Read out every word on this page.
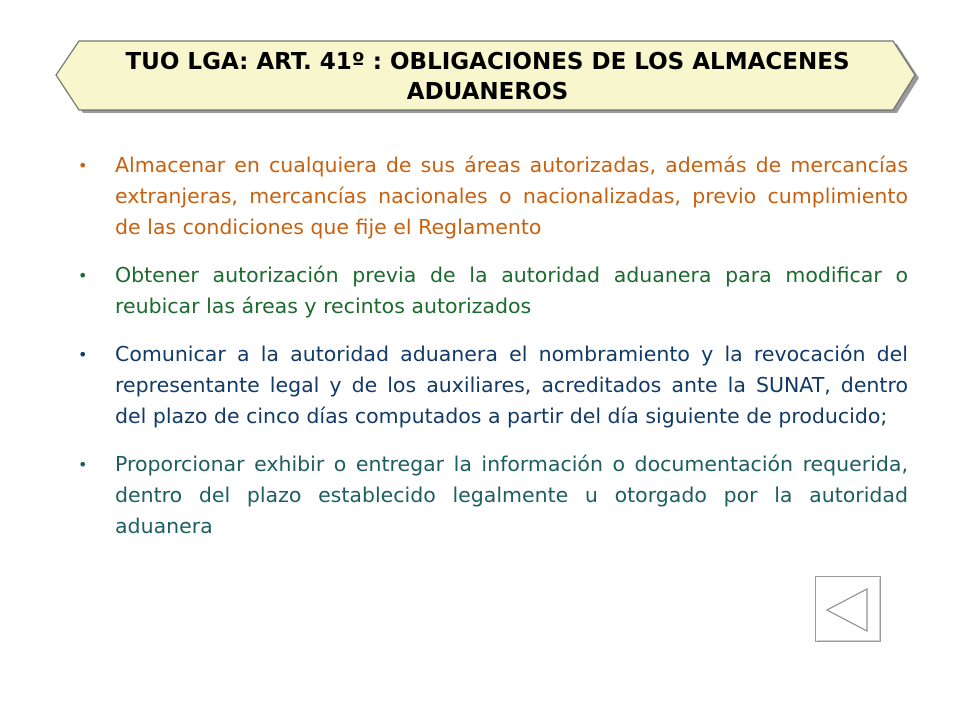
TUO LGA: ART. 41º : OBLIGACIONES DE LOS ALMACENES
ADUANEROS
• Almacenar en cualquiera de sus áreas autorizadas, además de mercancías extranjeras, mercancías nacionales o nacionalizadas, previo cumplimiento de las condiciones que fije el Reglamento
• Obtener autorización previa de la autoridad aduanera para modificar o reubicar las áreas y recintos autorizados
• Comunicar a la autoridad aduanera el nombramiento y la revocación del representante legal y de los auxiliares, acreditados ante la SUNAT, dentro del plazo de cinco días computados a partir del día siguiente de producido;
• Proporcionar exhibir o entregar la información o documentación requerida, dentro del plazo establecido legalmente u otorgado por la autoridad aduanera
